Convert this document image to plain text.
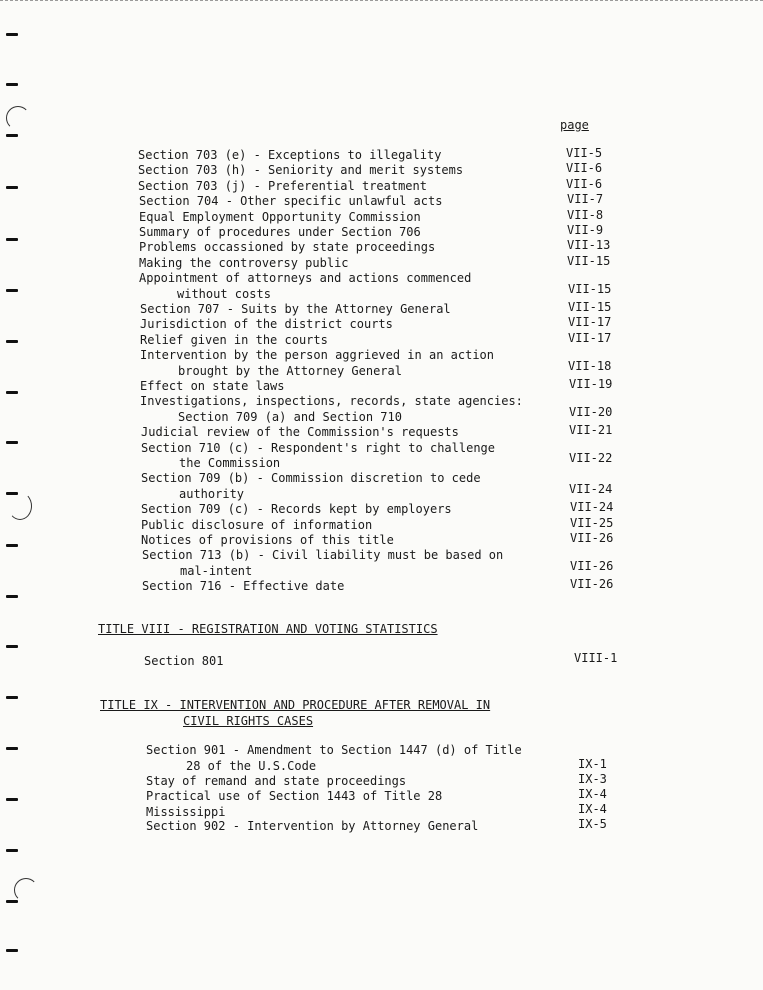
page
Section 703 (e) - Exceptions to illegality	VII-5
Section 703 (h) - Seniority and merit systems	VII-6
Section 703 (j) - Preferential treatment	VII-6
Section 704 - Other specific unlawful acts	VII-7
Equal Employment Opportunity Commission	VII-8
Summary of procedures under Section 706	VII-9
Problems occassioned by state proceedings	VII-13
Making the controversy public	VII-15
Appointment of attorneys and actions commenced
without costs	VII-15
Section 707 - Suits by the Attorney General	VII-15
Jurisdiction of the district courts	VII-17
Relief given in the courts	VII-17
Intervention by the person aggrieved in an action
brought by the Attorney General	VII-18
Effect on state laws	VII-19
Investigations, inspections, records, state agencies:
Section 709 (a) and Section 710	VII-20
Judicial review of the Commission's requests	VII-21
Section 710 (c) - Respondent's right to challenge
the Commission	VII-22
Section 709 (b) - Commission discretion to cede
authority	VII-24
Section 709 (c) - Records kept by employers	VII-24
Public disclosure of information	VII-25
Notices of provisions of this title	VII-26
Section 713 (b) - Civil liability must be based on
mal-intent	VII-26
Section 716 - Effective date	VII-26
TITLE VIII - REGISTRATION AND VOTING STATISTICS
Section 801	VIII-1
TITLE IX - INTERVENTION AND PROCEDURE AFTER REMOVAL IN
CIVIL RIGHTS CASES
Section 901 - Amendment to Section 1447 (d) of Title
28 of the U.S.Code	IX-1
Stay of remand and state proceedings	IX-3
Practical use of Section 1443 of Title 28	IX-4
Mississippi	IX-4
Section 902 - Intervention by Attorney General	IX-5
